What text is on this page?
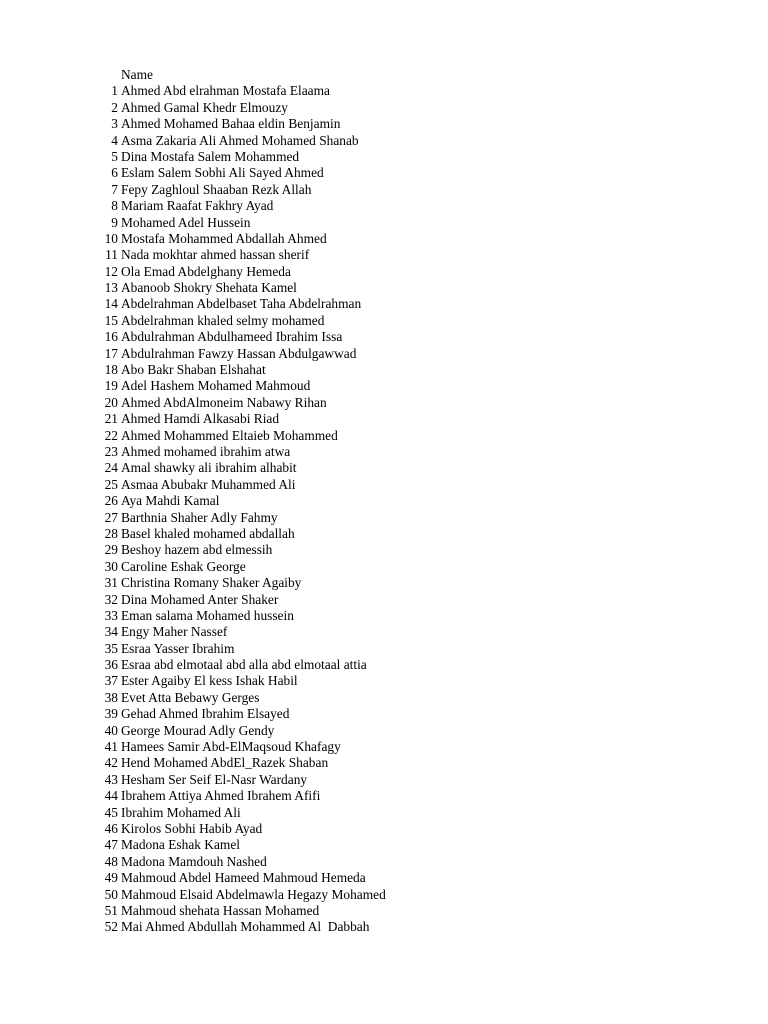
Name
1 Ahmed Abd elrahman Mostafa Elaama
2 Ahmed Gamal Khedr Elmouzy
3 Ahmed Mohamed Bahaa eldin Benjamin
4 Asma Zakaria Ali Ahmed Mohamed Shanab
5 Dina Mostafa Salem Mohammed
6 Eslam Salem Sobhi Ali Sayed Ahmed
7 Fepy Zaghloul Shaaban Rezk Allah
8 Mariam Raafat Fakhry Ayad
9 Mohamed Adel Hussein
10 Mostafa Mohammed Abdallah Ahmed
11 Nada mokhtar ahmed hassan sherif
12 Ola Emad Abdelghany Hemeda
13 Abanoob Shokry Shehata Kamel
14 Abdelrahman Abdelbaset Taha Abdelrahman
15 Abdelrahman khaled selmy mohamed
16 Abdulrahman Abdulhameed Ibrahim Issa
17 Abdulrahman Fawzy Hassan Abdulgawwad
18 Abo Bakr Shaban Elshahat
19 Adel Hashem Mohamed Mahmoud
20 Ahmed AbdAlmoneim Nabawy Rihan
21 Ahmed Hamdi Alkasabi Riad
22 Ahmed Mohammed Eltaieb Mohammed
23 Ahmed mohamed ibrahim atwa
24 Amal shawky ali ibrahim alhabit
25 Asmaa Abubakr Muhammed Ali
26 Aya Mahdi Kamal
27 Barthnia Shaher Adly Fahmy
28 Basel khaled mohamed abdallah
29 Beshoy hazem abd elmessih
30 Caroline Eshak George
31 Christina Romany Shaker Agaiby
32 Dina Mohamed Anter Shaker
33 Eman salama Mohamed hussein
34 Engy Maher Nassef
35 Esraa Yasser Ibrahim
36 Esraa abd elmotaal abd alla abd elmotaal attia
37 Ester Agaiby El kess Ishak Habil
38 Evet Atta Bebawy Gerges
39 Gehad Ahmed Ibrahim Elsayed
40 George Mourad Adly Gendy
41 Hamees Samir Abd-ElMaqsoud Khafagy
42 Hend Mohamed AbdEl_Razek Shaban
43 Hesham Ser Seif El-Nasr Wardany
44 Ibrahem Attiya Ahmed Ibrahem Afifi
45 Ibrahim Mohamed Ali
46 Kirolos Sobhi Habib Ayad
47 Madona Eshak Kamel
48 Madona Mamdouh Nashed
49 Mahmoud Abdel Hameed Mahmoud Hemeda
50 Mahmoud Elsaid Abdelmawla Hegazy Mohamed
51 Mahmoud shehata Hassan Mohamed
52 Mai Ahmed Abdullah Mohammed Al  Dabbah
